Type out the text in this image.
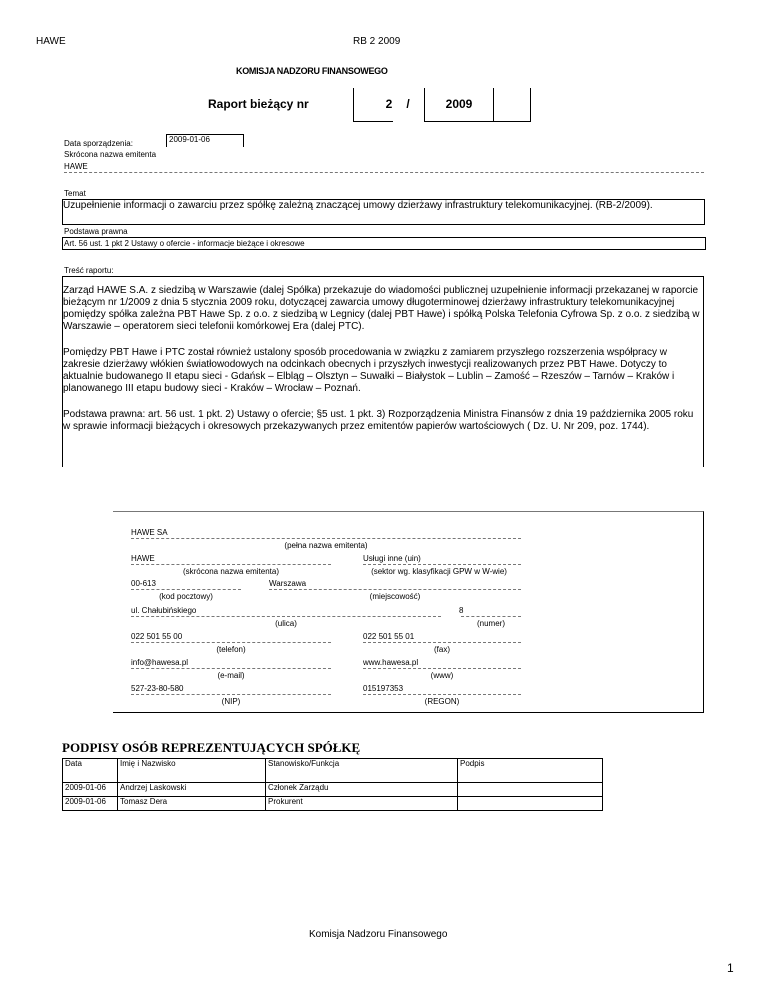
HAWE	RB 2 2009
KOMISJA NADZORU FINANSOWEGO
Raport bieżący nr	2	/	2009
Data sporządzenia:	2009-01-06
Skrócona nazwa emitenta
HAWE
Temat
Uzupełnienie informacji o zawarciu przez spółkę zależną znaczącej umowy dzierżawy infrastruktury telekomunikacyjnej. (RB-2/2009).
Podstawa prawna
Art. 56 ust. 1 pkt 2 Ustawy o ofercie - informacje bieżące i okresowe
Treść raportu:

Zarząd HAWE S.A. z siedzibą w Warszawie (dalej Spółka) przekazuje do wiadomości publicznej uzupełnienie informacji przekazanej w raporcie bieżącym nr 1/2009 z dnia 5 stycznia 2009 roku, dotyczącej zawarcia umowy długoterminowej dzierżawy infrastruktury telekomunikacyjnej pomiędzy spółka zależna PBT Hawe Sp. z o.o. z siedzibą w Legnicy (dalej PBT Hawe) i spółką Polska Telefonia Cyfrowa Sp. z o.o. z siedzibą w Warszawie – operatorem sieci telefonii komórkowej Era (dalej PTC).

Pomiędzy PBT Hawe i PTC został również ustalony sposób procedowania w związku z zamiarem przyszłego rozszerzenia współpracy w zakresie dzierżawy włókien światłowodowych na odcinkach obecnych i przyszłych inwestycji realizowanych przez PBT Hawe. Dotyczy to aktualnie budowanego II etapu sieci - Gdańsk – Elbląg – Olsztyn – Suwałki – Białystok – Lublin – Zamość – Rzeszów – Tarnów – Kraków i planowanego III etapu budowy sieci - Kraków – Wrocław – Poznań.

Podstawa prawna: art. 56 ust. 1 pkt. 2) Ustawy o ofercie; §5 ust. 1 pkt. 3) Rozporządzenia Ministra Finansów z dnia 19 października 2005 roku w sprawie informacji bieżących i okresowych przekazywanych przez emitentów papierów wartościowych ( Dz. U. Nr 209, poz. 1744).

HAWE SA
(pełna nazwa emitenta)
HAWE
(skrócona nazwa emitenta)
Usługi inne (uin)
(sektor wg. klasyfikacji GPW w W-wie)
00-613
(kod pocztowy)
Warszawa
(miejscowość)
ul. Chałubińskiego
(ulica)
8
(numer)
022 501 55 00
(telefon)
022 501 55 01
(fax)
info@hawesa.pl
(e-mail)
www.hawesa.pl
(www)
527-23-80-580
(NIP)
015197353
(REGON)
PODPISY OSÓB REPREZENTUJĄCYCH SPÓŁKĘ
Data	Imię i Nazwisko	Stanowisko/Funkcja	Podpis
2009-01-06	Andrzej Laskowski	Członek Zarządu	
2009-01-06	Tomasz Dera	Prokurent	
Komisja Nadzoru Finansowego
1
